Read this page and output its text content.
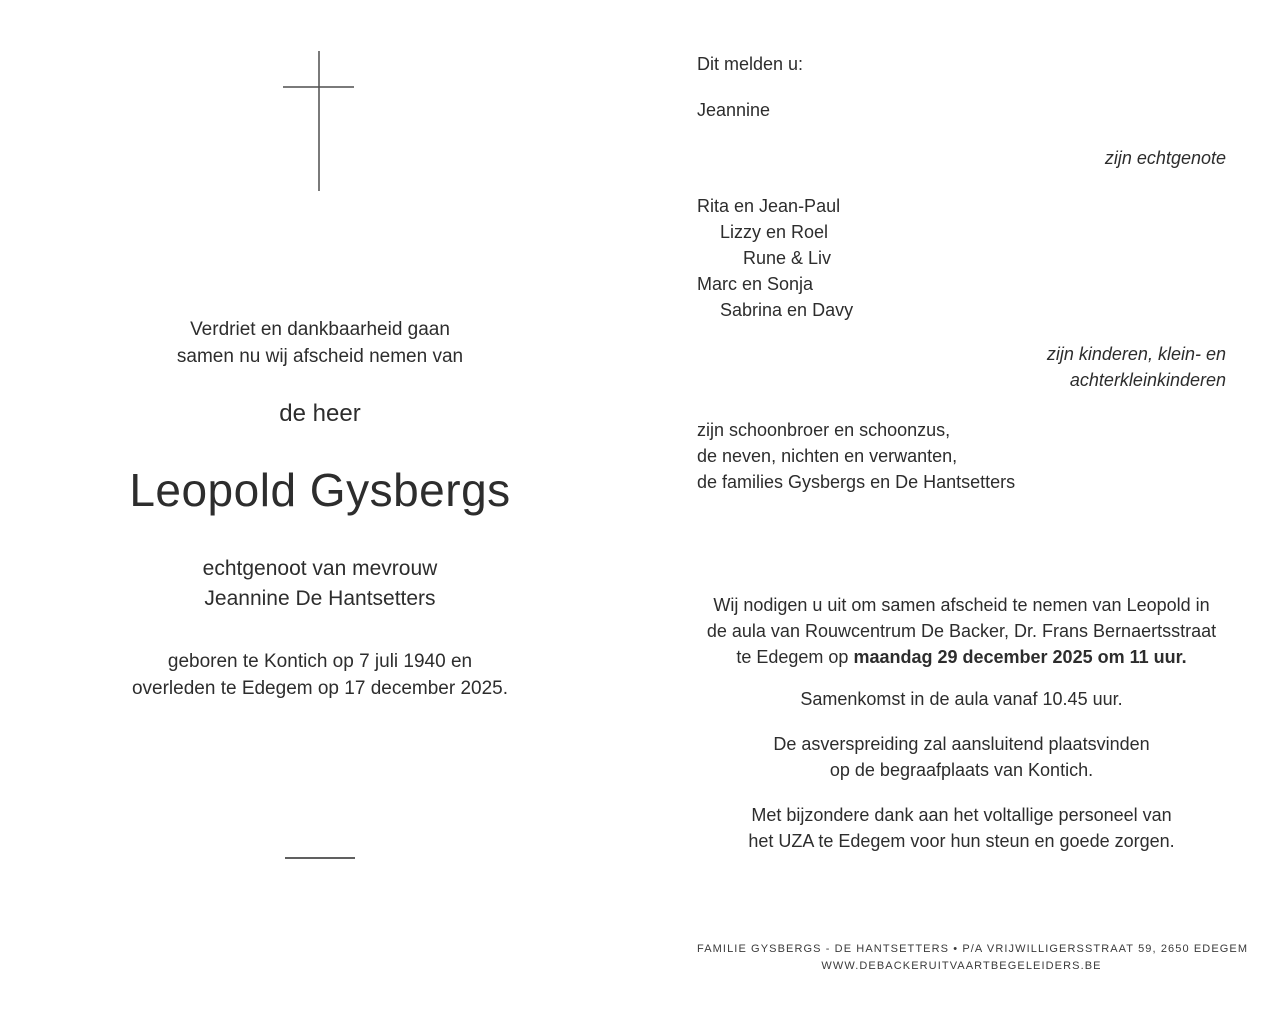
Verdriet en dankbaarheid gaan
samen nu wij afscheid nemen van
de heer
Leopold Gysbergs
echtgenoot van mevrouw
Jeannine De Hantsetters
geboren te Kontich op 7 juli 1940 en
overleden te Edegem op 17 december 2025.
Dit melden u:
Jeannine
zijn echtgenote
Rita en Jean-Paul
Lizzy en Roel
Rune & Liv
Marc en Sonja
Sabrina en Davy
zijn kinderen, klein- en
achterkleinkinderen
zijn schoonbroer en schoonzus,
de neven, nichten en verwanten,
de families Gysbergs en De Hantsetters
Wij nodigen u uit om samen afscheid te nemen van Leopold in
de aula van Rouwcentrum De Backer, Dr. Frans Bernaertsstraat
te Edegem op maandag 29 december 2025 om 11 uur.
Samenkomst in de aula vanaf 10.45 uur.
De asverspreiding zal aansluitend plaatsvinden
op de begraafplaats van Kontich.
Met bijzondere dank aan het voltallige personeel van
het UZA te Edegem voor hun steun en goede zorgen.
FAMILIE GYSBERGS - DE HANTSETTERS • P/A VRIJWILLIGERSSTRAAT 59, 2650 EDEGEM
WWW.DEBACKERUITVAARTBEGELEIDERS.BE
